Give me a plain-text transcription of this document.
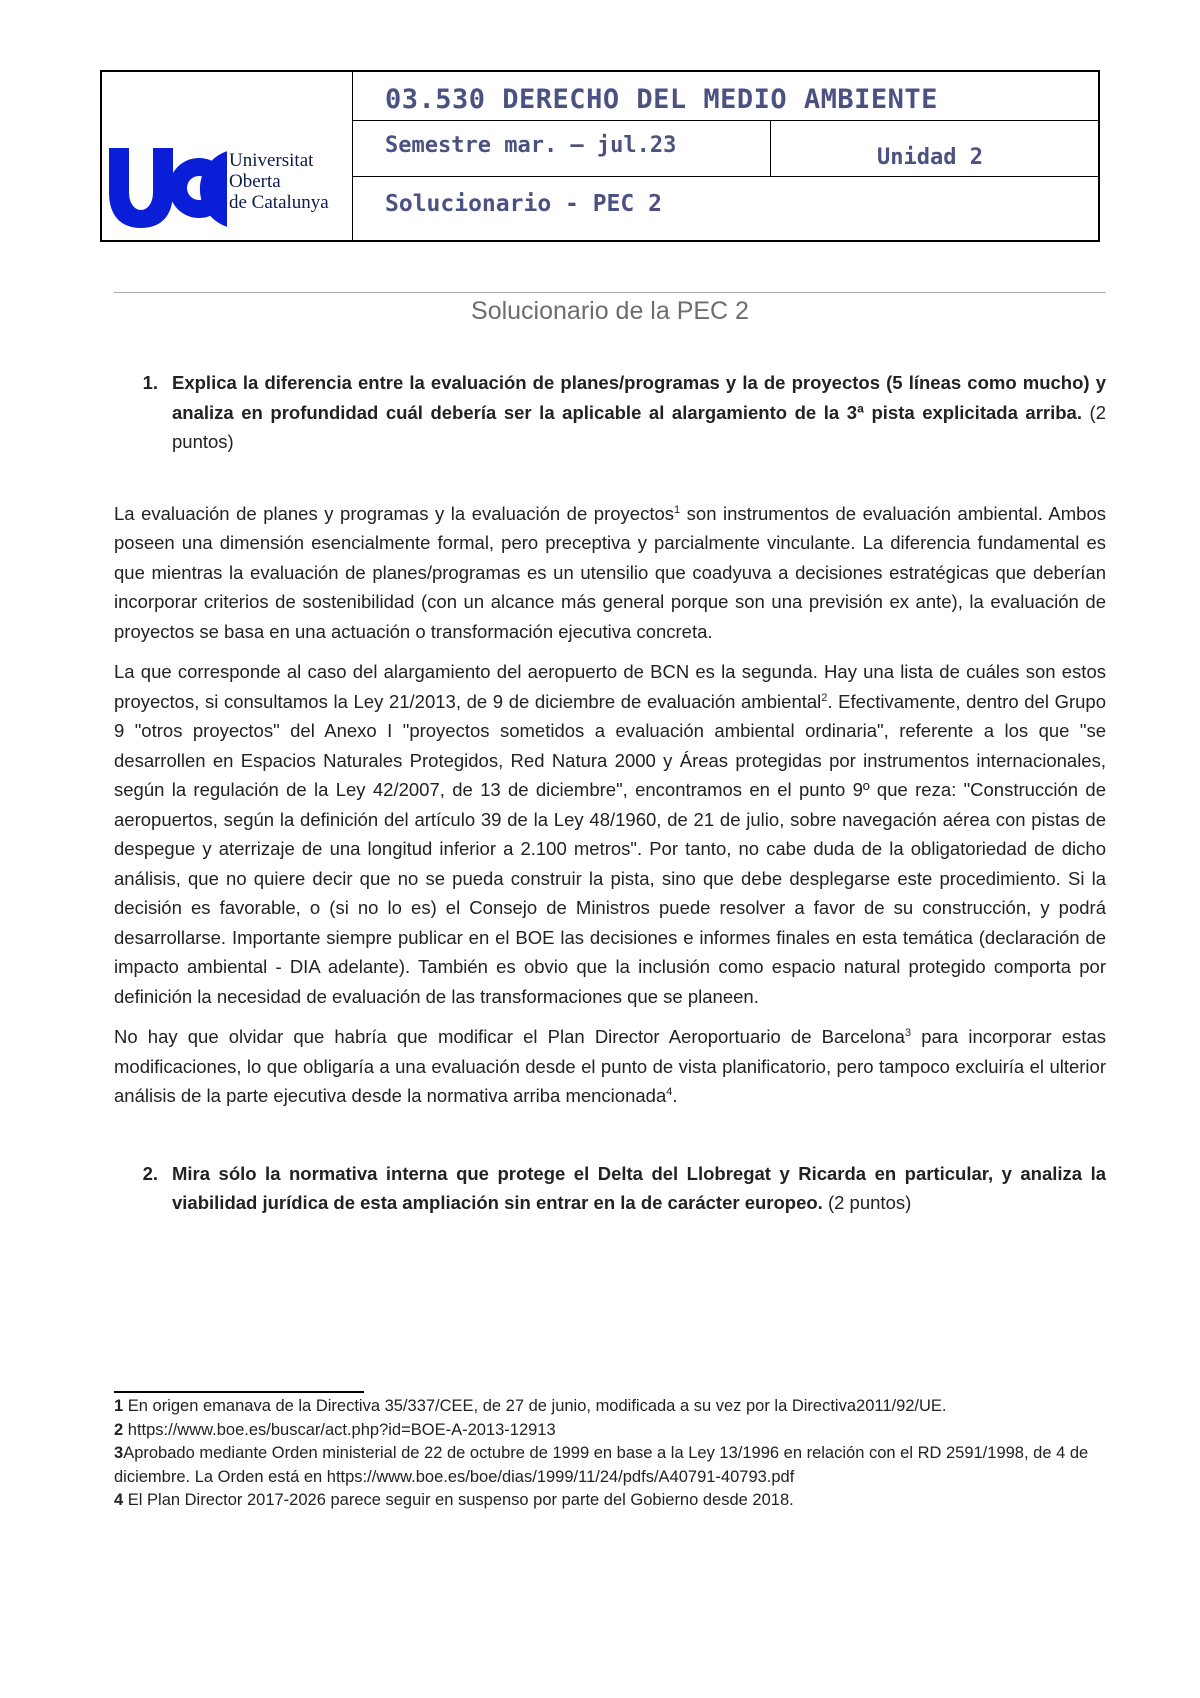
Universitat
Oberta
de Catalunya
03.530 DERECHO DEL MEDIO AMBIENTE
Semestre mar. – jul.23	Unidad 2
Solucionario - PEC 2
Solucionario de la PEC 2
1. Explica la diferencia entre la evaluación de planes/programas y la de proyectos (5 líneas como mucho) y analiza en profundidad cuál debería ser la aplicable al alargamiento de la 3ª pista explicitada arriba. (2 puntos)

La evaluación de planes y programas y la evaluación de proyectos$^1$ son instrumentos de evaluación ambiental. Ambos poseen una dimensión esencialmente formal, pero preceptiva y parcialmente vinculante. La diferencia fundamental es que mientras la evaluación de planes/programas es un utensilio que coadyuva a decisiones estratégicas que deberían incorporar criterios de sostenibilidad (con un alcance más general porque son una previsión ex ante), la evaluación de proyectos se basa en una actuación o transformación ejecutiva concreta.

La que corresponde al caso del alargamiento del aeropuerto de BCN es la segunda. Hay una lista de cuáles son estos proyectos, si consultamos la Ley 21/2013, de 9 de diciembre de evaluación ambiental$^2$. Efectivamente, dentro del Grupo 9 "otros proyectos" del Anexo I "proyectos sometidos a evaluación ambiental ordinaria", referente a los que "se desarrollen en Espacios Naturales Protegidos, Red Natura 2000 y Áreas protegidas por instrumentos internacionales, según la regulación de la Ley 42/2007, de 13 de diciembre", encontramos en el punto 9º que reza: "Construcción de aeropuertos, según la definición del artículo 39 de la Ley 48/1960, de 21 de julio, sobre navegación aérea con pistas de despegue y aterrizaje de una longitud inferior a 2.100 metros". Por tanto, no cabe duda de la obligatoriedad de dicho análisis, que no quiere decir que no se pueda construir la pista, sino que debe desplegarse este procedimiento. Si la decisión es favorable, o (si no lo es) el Consejo de Ministros puede resolver a favor de su construcción, y podrá desarrollarse. Importante siempre publicar en el BOE las decisiones e informes finales en esta temática (declaración de impacto ambiental - DIA adelante). También es obvio que la inclusión como espacio natural protegido comporta por definición la necesidad de evaluación de las transformaciones que se planeen.

No hay que olvidar que habría que modificar el Plan Director Aeroportuario de Barcelona$^3$ para incorporar estas modificaciones, lo que obligaría a una evaluación desde el punto de vista planificatorio, pero tampoco excluiría el ulterior análisis de la parte ejecutiva desde la normativa arriba mencionada$^4$.

2. Mira sólo la normativa interna que protege el Delta del Llobregat y Ricarda en particular, y analiza la viabilidad jurídica de esta ampliación sin entrar en la de carácter europeo. (2 puntos)

1 En origen emanava de la Directiva 35/337/CEE, de 27 de junio, modificada a su vez por la Directiva2011/92/UE.

2 https://www.boe.es/buscar/act.php?id=BOE-A-2013-12913

3Aprobado mediante Orden ministerial de 22 de octubre de 1999 en base a la Ley 13/1996 en relación con el RD 2591/1998, de 4 de diciembre. La Orden está en https://www.boe.es/boe/dias/1999/11/24/pdfs/A40791-40793.pdf

4 El Plan Director 2017-2026 parece seguir en suspenso por parte del Gobierno desde 2018.
